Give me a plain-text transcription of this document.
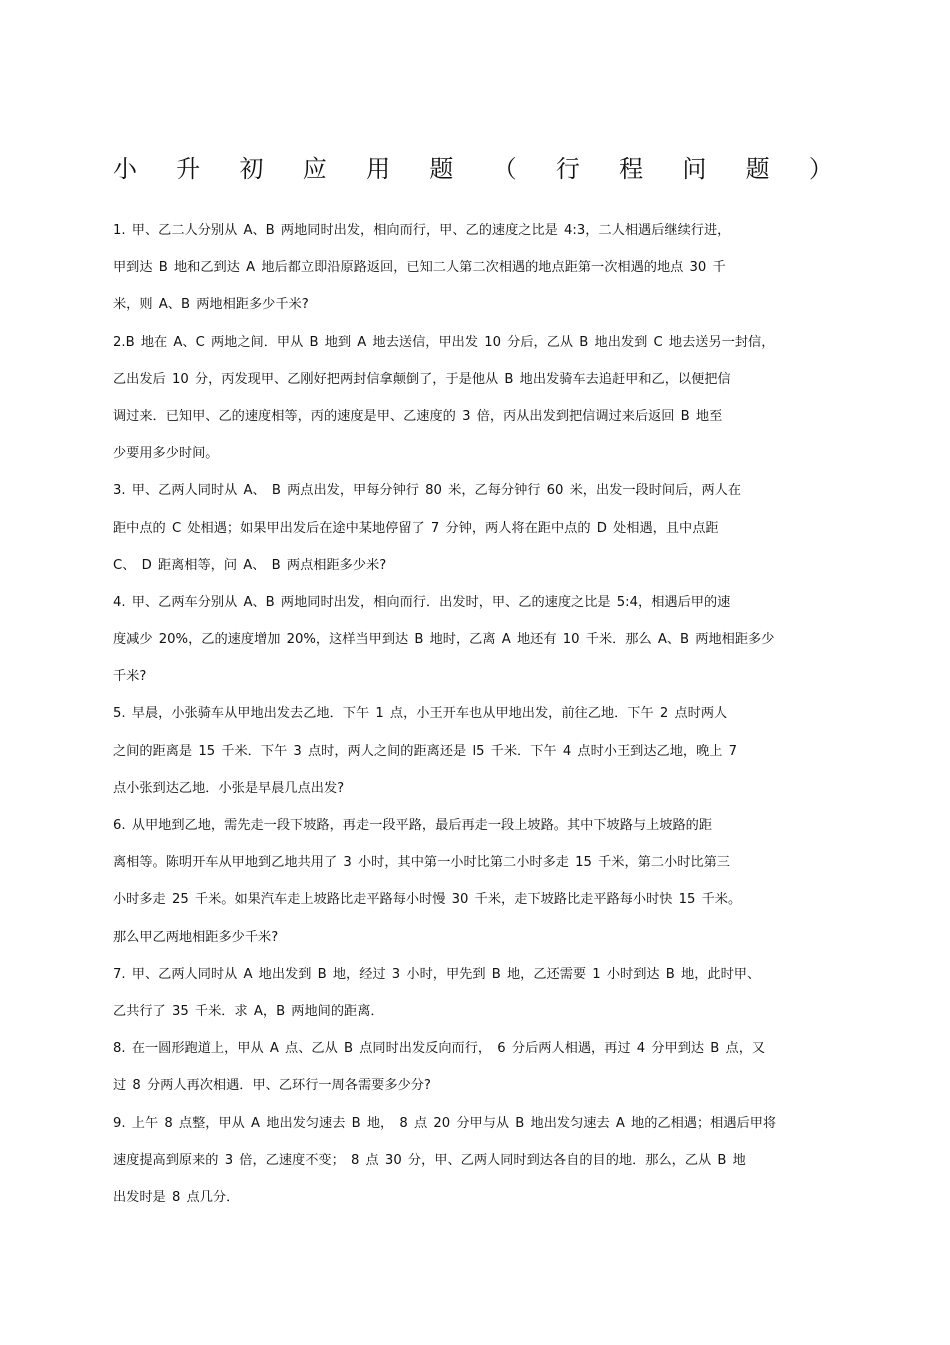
小 升 初 应 用 题 （ 行 程 问 题 ）
1. 甲、乙二人分别从 A、B 两地同时出发，相向而行，甲、乙的速度之比是 4:3，二人相遇后继续行进，
甲到达 B 地和乙到达 A 地后都立即沿原路返回，已知二人第二次相遇的地点距第一次相遇的地点 30 千
米，则 A、B 两地相距多少千米?
2.B 地在 A、C 两地之间．甲从 B 地到 A 地去送信，甲出发 10 分后，乙从 B 地出发到 C 地去送另一封信，
乙出发后 10 分，丙发现甲、乙刚好把两封信拿颠倒了，于是他从 B 地出发骑车去追赶甲和乙，以便把信
调过来．已知甲、乙的速度相等，丙的速度是甲、乙速度的 3 倍，丙从出发到把信调过来后返回 B 地至
少要用多少时间。
3. 甲、乙两人同时从 A、 B 两点出发，甲每分钟行 80 米，乙每分钟行 60 米，出发一段时间后，两人在
距中点的 C 处相遇；如果甲出发后在途中某地停留了 7 分钟，两人将在距中点的 D 处相遇，且中点距
C、 D 距离相等，问 A、 B 两点相距多少米?
4. 甲、乙两车分别从 A、B 两地同时出发，相向而行．出发时，甲、乙的速度之比是 5:4，相遇后甲的速
度减少 20%，乙的速度增加 20%，这样当甲到达 B 地时，乙离 A 地还有 10 千米．那么 A、B 两地相距多少
千米?
5. 早晨，小张骑车从甲地出发去乙地．下午 1 点，小王开车也从甲地出发，前往乙地．下午 2 点时两人
之间的距离是 15 千米．下午 3 点时，两人之间的距离还是 l5 千米．下午 4 点时小王到达乙地，晚上 7
点小张到达乙地．小张是早晨几点出发?
6. 从甲地到乙地，需先走一段下坡路，再走一段平路，最后再走一段上坡路。其中下坡路与上坡路的距
离相等。陈明开车从甲地到乙地共用了 3 小时，其中第一小时比第二小时多走 15 千米，第二小时比第三
小时多走 25 千米。如果汽车走上坡路比走平路每小时慢 30 千米，走下坡路比走平路每小时快 15 千米。
那么甲乙两地相距多少千米?
7. 甲、乙两人同时从 A 地出发到 B 地，经过 3 小时，甲先到 B 地，乙还需要 1 小时到达 B 地，此时甲、
乙共行了 35 千米．求 A，B 两地间的距离．
8. 在一圆形跑道上，甲从 A 点、乙从 B 点同时出发反向而行， 6 分后两人相遇，再过 4 分甲到达 B 点，又
过 8 分两人再次相遇．甲、乙环行一周各需要多少分?
9. 上午 8 点整，甲从 A 地出发匀速去 B 地， 8 点 20 分甲与从 B 地出发匀速去 A 地的乙相遇；相遇后甲将
速度提高到原来的 3 倍，乙速度不变； 8 点 30 分，甲、乙两人同时到达各自的目的地．那么，乙从 B 地
出发时是 8 点几分．
